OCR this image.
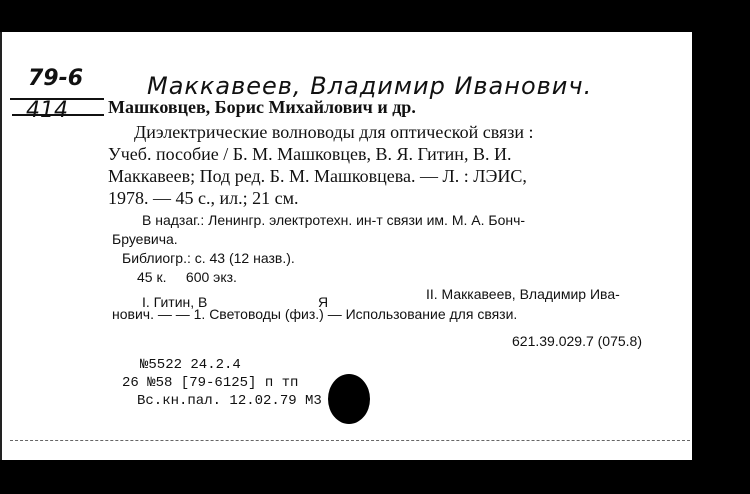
79-6
414
Маккавеев, Владимир Иванович.
Машковцев, Борис Михайлович и др.
Диэлектрические волноводы для оптической связи :
Учеб. пособие / Б. М. Машковцев, В. Я. Гитин, В. И.
Маккавеев; Под ред. Б. М. Машковцева. — Л. : ЛЭИС,
1978. — 45 с., ил.; 21 см.
В надзаг.: Ленингр. электротехн. ин-т связи им. М. А. Бонч-
Бруевича.
Библиогр.: с. 43 (12 назв.).
45 к.     600 экз.
I. Гитин, В	Я	II. Маккавеев, Владимир Ива-
нович. — — 1. Световоды (физ.) — Использование для связи.
621.39.029.7 (075.8)
№5522 24.2.4
26 №58 [79-6125] п тп
Вс.кн.пал. 12.02.79 М3
